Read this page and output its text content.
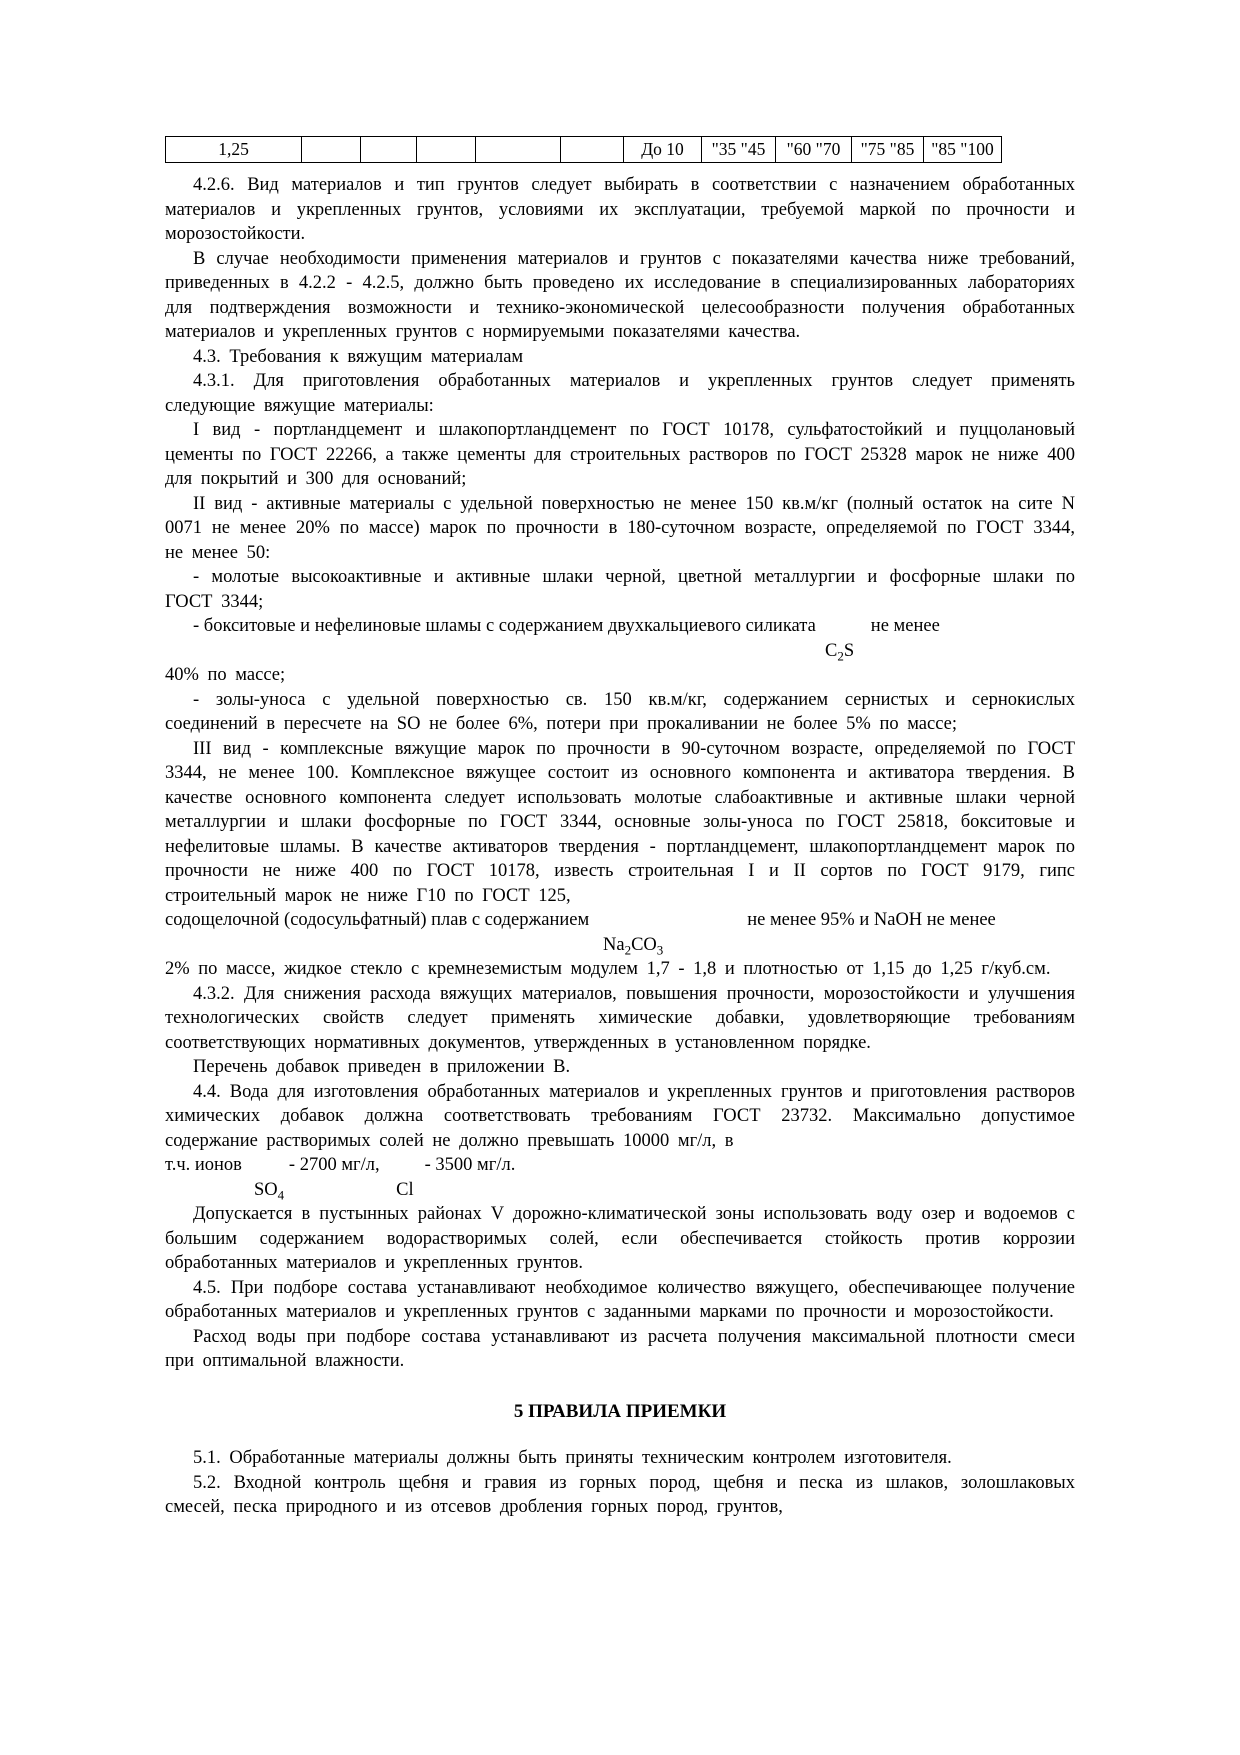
1,25						До 10	"35 "45	"60 "70	"75 "85	"85 "100

4.2.6. Вид материалов и тип грунтов следует выбирать в соответствии с назначением обработанных материалов и укрепленных грунтов, условиями их эксплуатации, требуемой маркой по прочности и морозостойкости.

В случае необходимости применения материалов и грунтов с показателями качества ниже требований, приведенных в 4.2.2 - 4.2.5, должно быть проведено их исследование в специализированных лабораториях для подтверждения возможности и технико-экономической целесообразности получения обработанных материалов и укрепленных грунтов с нормируемыми показателями качества.

4.3. Требования к вяжущим материалам

4.3.1. Для приготовления обработанных материалов и укрепленных грунтов следует применять следующие вяжущие материалы:

I вид - портландцемент и шлакопортландцемент по ГОСТ 10178, сульфатостойкий и пуццолановый цементы по ГОСТ 22266, а также цементы для строительных растворов по ГОСТ 25328 марок не ниже 400 для покрытий и 300 для оснований;

II вид - активные материалы с удельной поверхностью не менее 150 кв.м/кг (полный остаток на сите N 0071 не менее 20% по массе) марок по прочности в 180-суточном возрасте, определяемой по ГОСТ 3344, не менее 50:

- молотые высокоактивные и активные шлаки черной, цветной металлургии и фосфорные шлаки по ГОСТ 3344;

- бокситовые и нефелиновые шламы с содержанием двухкальциевого силиката	не менее
$C_2S$

40% по массе;

- золы-уноса с удельной поверхностью св. 150 кв.м/кг, содержанием сернистых и сернокислых соединений в пересчете на SO не более 6%, потери при прокаливании не более 5% по массе;

III вид - комплексные вяжущие марок по прочности в 90-суточном возрасте, определяемой по ГОСТ 3344, не менее 100. Комплексное вяжущее состоит из основного компонента и активатора твердения. В качестве основного компонента следует использовать молотые слабоактивные и активные шлаки черной металлургии и шлаки фосфорные по ГОСТ 3344, основные золы-уноса по ГОСТ 25818, бокситовые и нефелитовые шламы. В качестве активаторов твердения - портландцемент, шлакопортландцемент марок по прочности не ниже 400 по ГОСТ 10178, известь строительная I и II сортов по ГОСТ 9179, гипс строительный марок не ниже Г10 по ГОСТ 125,

содощелочной (содосульфатный) плав с содержанием	не менее 95% и NaOH не менее
$Na_2CO_3$

2% по массе, жидкое стекло с кремнеземистым модулем 1,7 - 1,8 и плотностью от 1,15 до 1,25 г/куб.см.

4.3.2. Для снижения расхода вяжущих материалов, повышения прочности, морозостойкости и улучшения технологических свойств следует применять химические добавки, удовлетворяющие требованиям соответствующих нормативных документов, утвержденных в установленном порядке.

Перечень добавок приведен в приложении В.

4.4. Вода для изготовления обработанных материалов и укрепленных грунтов и приготовления растворов химических добавок должна соответствовать требованиям ГОСТ 23732. Максимально допустимое содержание растворимых солей не должно превышать 10000 мг/л, в

т.ч. ионов	- 2700 мг/л, - 3500 мг/л.
$SO_4$	Cl

Допускается в пустынных районах V дорожно-климатической зоны использовать воду озер и водоемов с большим содержанием водорастворимых солей, если обеспечивается стойкость против коррозии обработанных материалов и укрепленных грунтов.

4.5. При подборе состава устанавливают необходимое количество вяжущего, обеспечивающее получение обработанных материалов и укрепленных грунтов с заданными марками по прочности и морозостойкости.

Расход воды при подборе состава устанавливают из расчета получения максимальной плотности смеси при оптимальной влажности.

5 ПРАВИЛА ПРИЕМКИ

5.1. Обработанные материалы должны быть приняты техническим контролем изготовителя.

5.2. Входной контроль щебня и гравия из горных пород, щебня и песка из шлаков, золошлаковых смесей, песка природного и из отсевов дробления горных пород, грунтов,
